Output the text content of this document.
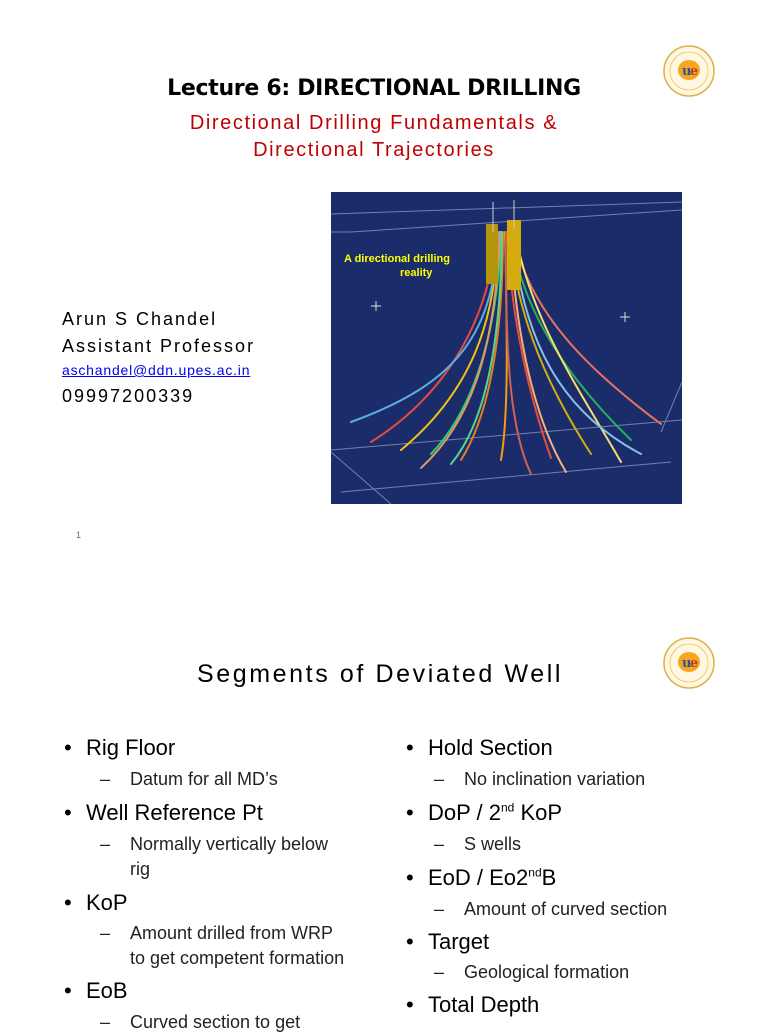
Lecture 6: DIRECTIONAL DRILLING
Directional Drilling Fundamentals &
Directional Trajectories
u
e
Arun S Chandel
Assistant Professor
aschandel@ddn.upes.ac.in
09997200339
A directional drilling
reality
1
u
e
Segments of Deviated Well
• Rig Floor
– Datum for all MD’s
• Well Reference Pt
– Normally vertically below
rig
• KoP
– Amount drilled from WRP
to get competent formation
• EoB
– Curved section to get
• Hold Section
– No inclination variation
• DoP / 2nd KoP
– S wells
• EoD / Eo2ndB
– Amount of curved section
• Target
– Geological formation
• Total Depth
